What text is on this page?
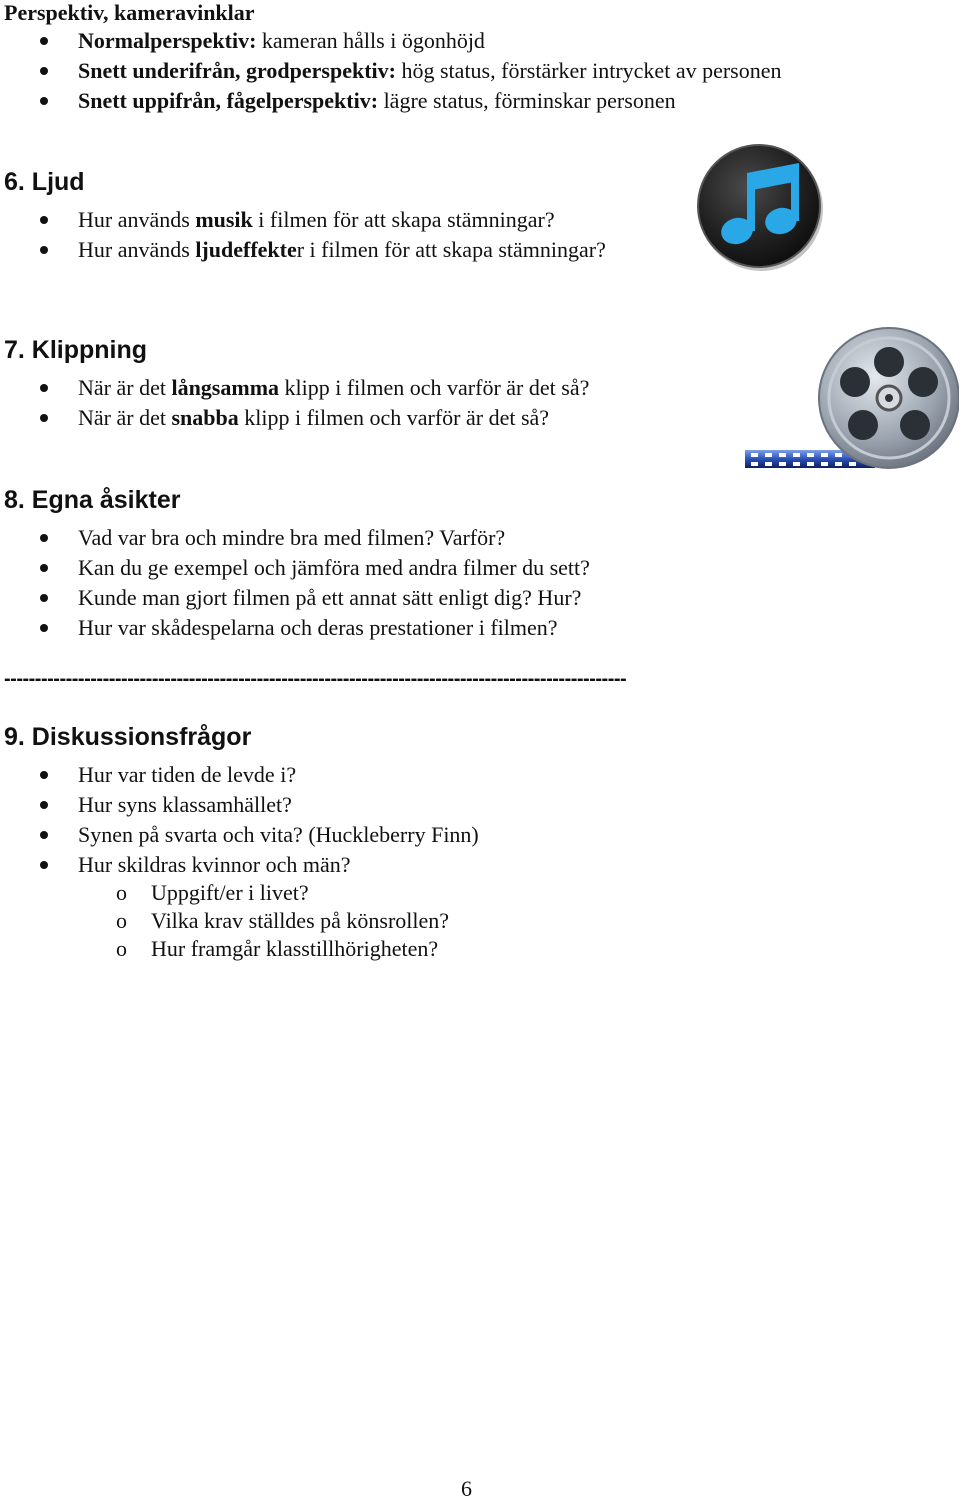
Perspektiv, kameravinklar
Normalperspektiv: kameran hålls i ögonhöjd
Snett underifrån, grodperspektiv: hög status, förstärker intrycket av personen
Snett uppifrån, fågelperspektiv: lägre status, förminskar personen
6. Ljud
Hur används musik i filmen för att skapa stämningar?
Hur används ljudeffekter i filmen för att skapa stämningar?
7. Klippning
När är det långsamma klipp i filmen och varför är det så?
När är det snabba klipp i filmen och varför är det så?
8. Egna åsikter
Vad var bra och mindre bra med filmen? Varför?
Kan du ge exempel och jämföra med andra filmer du sett?
Kunde man gjort filmen på ett annat sätt enligt dig? Hur?
Hur var skådespelarna och deras prestationer i filmen?
-----------------------------------------------------------------------------------------------------
9. Diskussionsfrågor
Hur var tiden de levde i?
Hur syns klassamhället?
Synen på svarta och vita? (Huckleberry Finn)
Hur skildras kvinnor och män?
o Uppgift/er i livet?
o Vilka krav ställdes på könsrollen?
o Hur framgår klasstillhörigheten?
6
